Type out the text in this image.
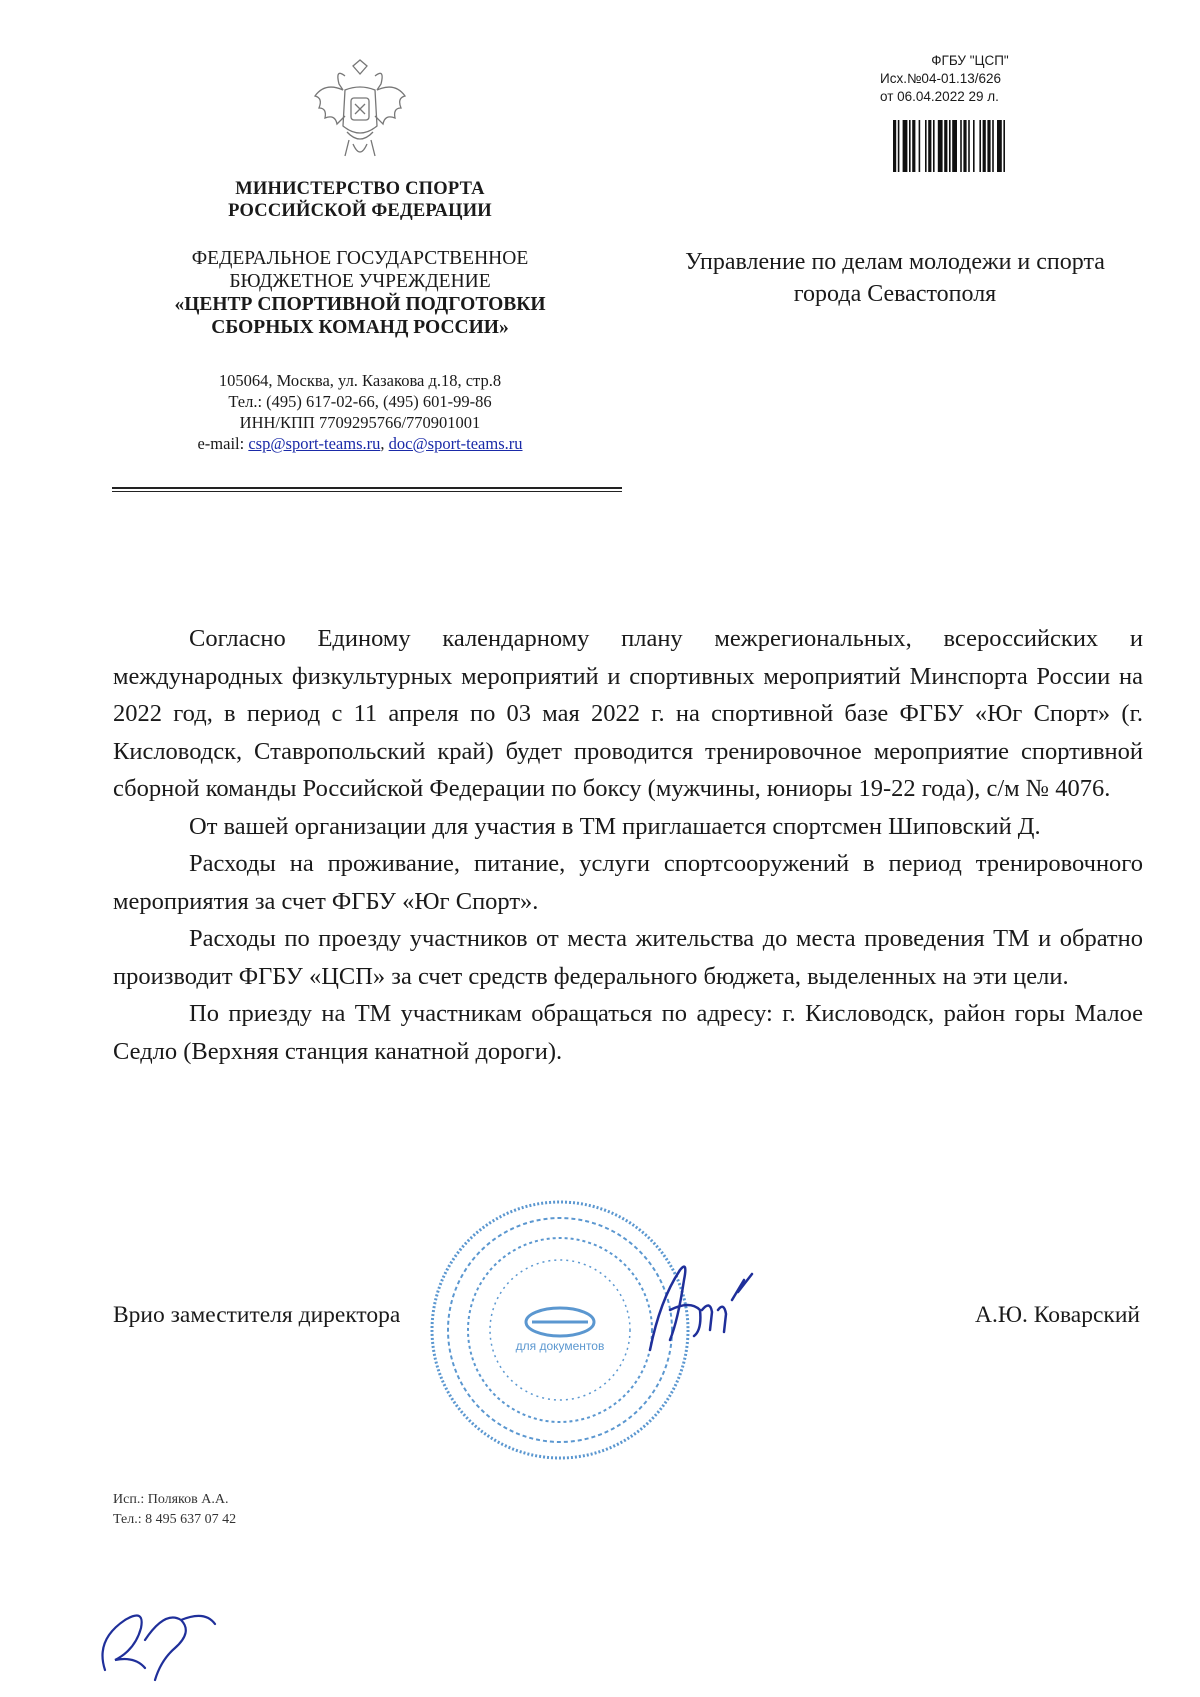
МИНИСТЕРСТВО СПОРТА
РОССИЙСКОЙ ФЕДЕРАЦИИ
ФЕДЕРАЛЬНОЕ ГОСУДАРСТВЕННОЕ
БЮДЖЕТНОЕ УЧРЕЖДЕНИЕ
«ЦЕНТР СПОРТИВНОЙ ПОДГОТОВКИ
СБОРНЫХ КОМАНД РОССИИ»
105064, Москва, ул. Казакова д.18, стр.8
Тел.: (495) 617-02-66, (495) 601-99-86
ИНН/КПП 7709295766/770901001
e-mail: csp@sport-teams.ru, doc@sport-teams.ru
ФГБУ "ЦСП"
Исх.№04-01.13/626
от 06.04.2022 29 л.
Управление по делам молодежи и спорта
города Севастополя

Согласно Единому календарному плану межрегиональных, всероссийских и международных физкультурных мероприятий и спортивных мероприятий Минспорта России на 2022 год, в период с 11 апреля по 03 мая 2022 г. на спортивной базе ФГБУ «Юг Спорт» (г. Кисловодск, Ставропольский край) будет проводится тренировочное мероприятие спортивной сборной команды Российской Федерации по боксу (мужчины, юниоры 19-22 года), с/м № 4076.

От вашей организации для участия в ТМ приглашается спортсмен Шиповский Д.

Расходы на проживание, питание, услуги спортсооружений в период тренировочного мероприятия за счет ФГБУ «Юг Спорт».

Расходы по проезду участников от места жительства до места проведения ТМ и обратно производит ФГБУ «ЦСП» за счет средств федерального бюджета, выделенных на эти цели.

По приезду на ТМ участникам обращаться по адресу: г. Кисловодск, район горы Малое Седло (Верхняя станция канатной дороги).

для документов
Врио заместителя директора	А.Ю. Коварский
Исп.: Поляков А.А.
Тел.: 8 495 637 07 42
